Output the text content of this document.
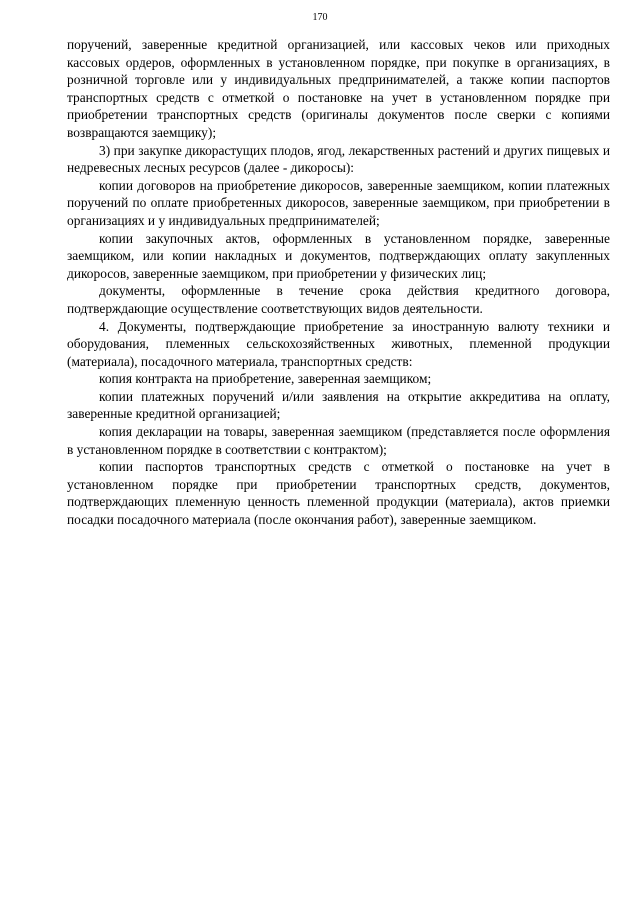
170

поручений, заверенные кредитной организацией, или кассовых чеков или приходных кассовых ордеров, оформленных в установленном порядке, при покупке в организациях, в розничной торговле или у индивидуальных предпринимателей, а также копии паспортов транспортных средств с отметкой о постановке на учет в установленном порядке при приобретении транспортных средств (оригиналы документов после сверки с копиями возвращаются заемщику);

3) при закупке дикорастущих плодов, ягод, лекарственных растений и других пищевых и недревесных лесных ресурсов (далее - дикоросы):

копии договоров на приобретение дикоросов, заверенные заемщиком, копии платежных поручений по оплате приобретенных дикоросов, заверенные заемщиком, при приобретении в организациях и у индивидуальных предпринимателей;

копии закупочных актов, оформленных в установленном порядке, заверенные заемщиком, или копии накладных и документов, подтверждающих оплату закупленных дикоросов, заверенные заемщиком, при приобретении у физических лиц;

документы, оформленные в течение срока действия кредитного договора, подтверждающие осуществление соответствующих видов деятельности.

4. Документы, подтверждающие приобретение за иностранную валюту техники и оборудования, племенных сельскохозяйственных животных, племенной продукции (материала), посадочного материала, транспортных средств:

копия контракта на приобретение, заверенная заемщиком;

копии платежных поручений и/или заявления на открытие аккредитива на оплату, заверенные кредитной организацией;

копия декларации на товары, заверенная заемщиком (представляется после оформления в установленном порядке в соответствии с контрактом);

копии паспортов транспортных средств с отметкой о постановке на учет в установленном порядке при приобретении транспортных средств, документов, подтверждающих племенную ценность племенной продукции (материала), актов приемки посадки посадочного материала (после окончания работ), заверенные заемщиком.
